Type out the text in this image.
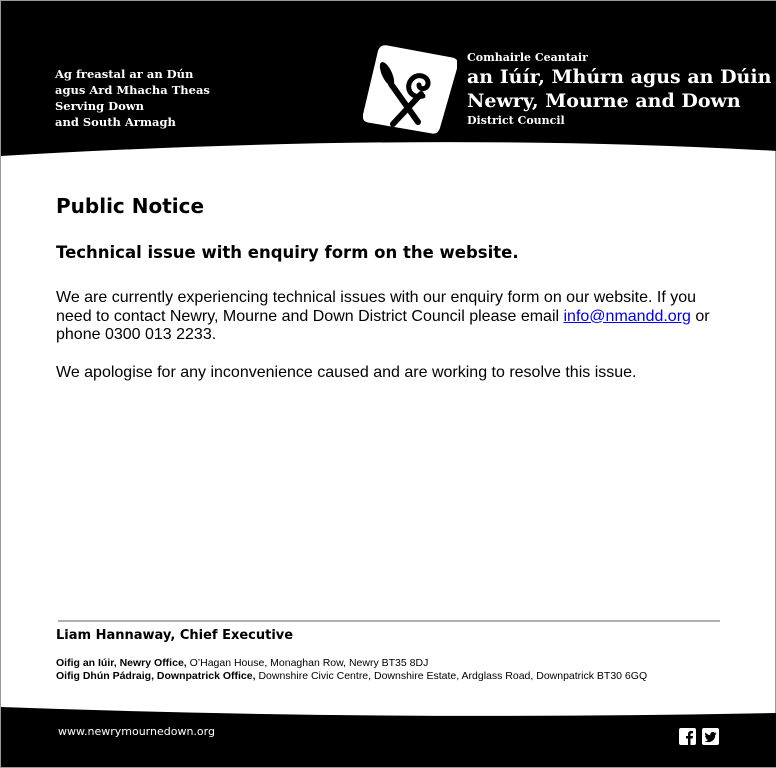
Ag freastal ar an Dún
agus Ard Mhacha Theas
Serving Down
and South Armagh
Comhairle Ceantair
an Iúír, Mhúrn agus an Dúin
Newry, Mourne and Down
District Council
Public Notice
Technical issue with enquiry form on the website.

We are currently experiencing technical issues with our enquiry form on our website. If you need to contact Newry, Mourne and Down District Council please email info@nmandd.org or phone 0300 013 2233.

We apologise for any inconvenience caused and are working to resolve this issue.

Liam Hannaway, Chief Executive
Oifig an Iúir, Newry Office, O’Hagan House, Monaghan Row, Newry BT35 8DJ
Oifig Dhún Pádraig, Downpatrick Office, Downshire Civic Centre, Downshire Estate, Ardglass Road, Downpatrick BT30 6GQ
www.newrymournedown.org
